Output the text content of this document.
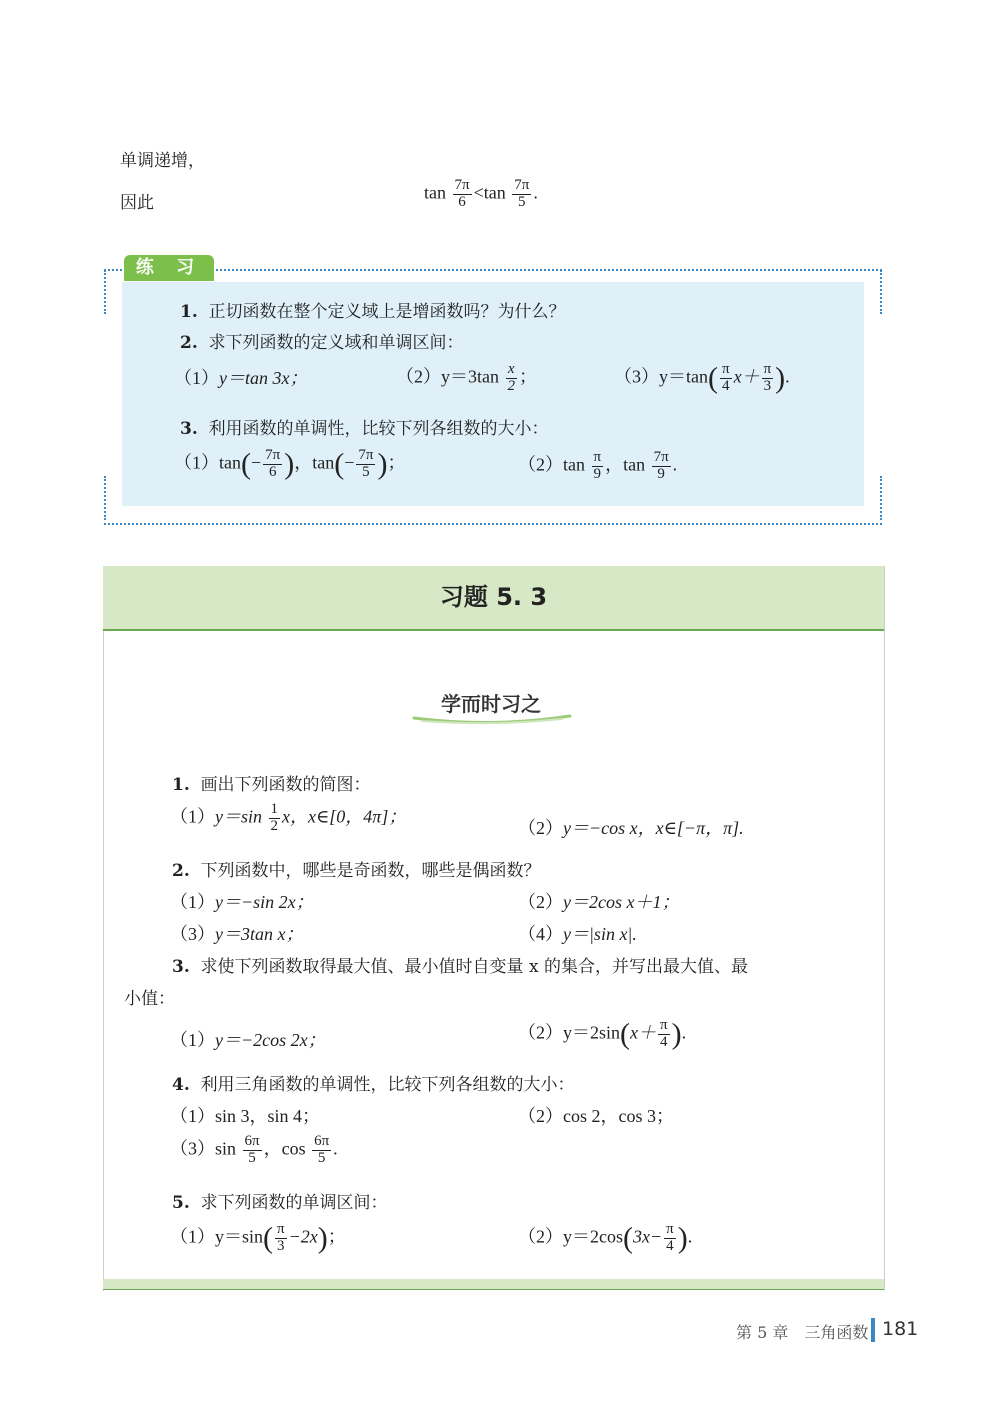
单调递增，
因此
$\tan \frac{7\pi}{6} <\tan \frac{7\pi}{5}$ .
练 习
1. 正切函数在整个定义域上是增函数吗？为什么？
2. 求下列函数的定义域和单调区间：
（1）y＝tan 3x；	$(2)y=3\tan \frac{x}{2}$ ；	$(3)y=\tan( \frac{\pi}{4} x+ \frac{\pi}{3}$ ).
3. 利用函数的单调性，比较下列各组数的大小：
$(1)\tan(- \frac{7\pi}{6}$ )，$\tan(- \frac{7\pi}{5}$ )；	$(2)\tan \frac{\pi}{9}$ ，$\tan \frac{7\pi}{9}$ .
习题 5. 3
学而时习之
1. 画出下列函数的简图：
$(1)y=\sin \frac{1}{2}$ x，x∈[0，4π]；
（2）y＝−cos x，x∈[−π，π].
2. 下列函数中，哪些是奇函数，哪些是偶函数？
（1）y＝−sin 2x；	（2）y＝2cos x＋1；
（3）y＝3tan x；	（4）y＝|sin x|.
3. 求使下列函数取得最大值、最小值时自变量 x 的集合，并写出最大值、最
小值：
（1）y＝−2cos 2x；	$(2)y=2\sin(x+ \frac{\pi}{4}$ ).
4. 利用三角函数的单调性，比较下列各组数的大小：
（1）sin 3，sin 4；	（2）cos 2，cos 3；
$(3)\sin \frac{6\pi}{5}$ ，$\cos \frac{6\pi}{5}$ .
5. 求下列函数的单调区间：
$(1)y=\sin( \frac{\pi}{3} -2x)$；	$(2)y=2\cos(3x- \frac{\pi}{4}$ ).
第 5 章　三角函数 181
